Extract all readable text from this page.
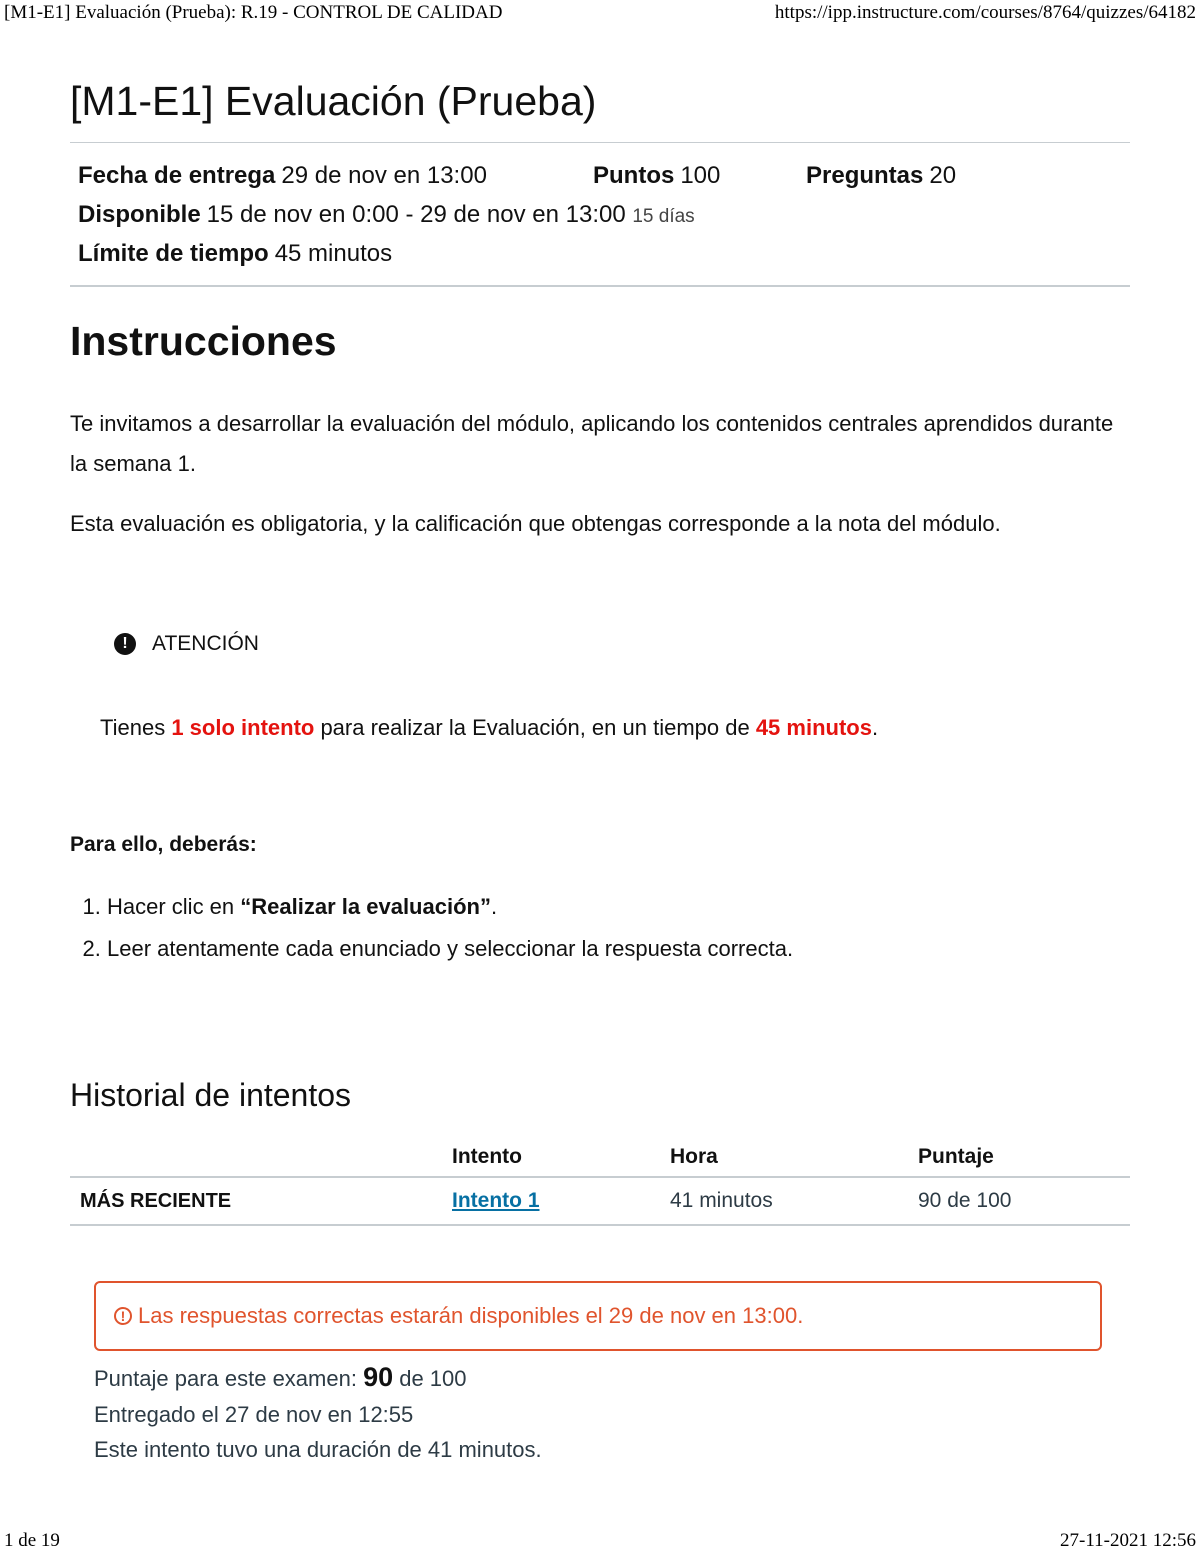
[M1-E1] Evaluación (Prueba): R.19 - CONTROL DE CALIDAD	https://ipp.instructure.com/courses/8764/quizzes/64182
[M1-E1] Evaluación (Prueba)
Fecha de entrega 29 de nov en 13:00	Puntos 100	Preguntas 20
Disponible 15 de nov en 0:00 - 29 de nov en 13:00 15 días
Límite de tiempo 45 minutos
Instrucciones

Te invitamos a desarrollar la evaluación del módulo, aplicando los contenidos centrales aprendidos durante la semana 1.

Esta evaluación es obligatoria, y la calificación que obtengas corresponde a la nota del módulo.

!	ATENCIÓN
Tienes 1 solo intento para realizar la Evaluación, en un tiempo de 45 minutos.
Para ello, deberás:
1. Hacer clic en “Realizar la evaluación”.
2. Leer atentamente cada enunciado y seleccionar la respuesta correcta.
Historial de intentos
	Intento	Hora	Puntaje
MÁS RECIENTE	Intento 1	41 minutos	90 de 100
! Las respuestas correctas estarán disponibles el 29 de nov en 13:00.
Puntaje para este examen: 90 de 100
Entregado el 27 de nov en 12:55
Este intento tuvo una duración de 41 minutos.
1 de 19	27-11-2021 12:56
